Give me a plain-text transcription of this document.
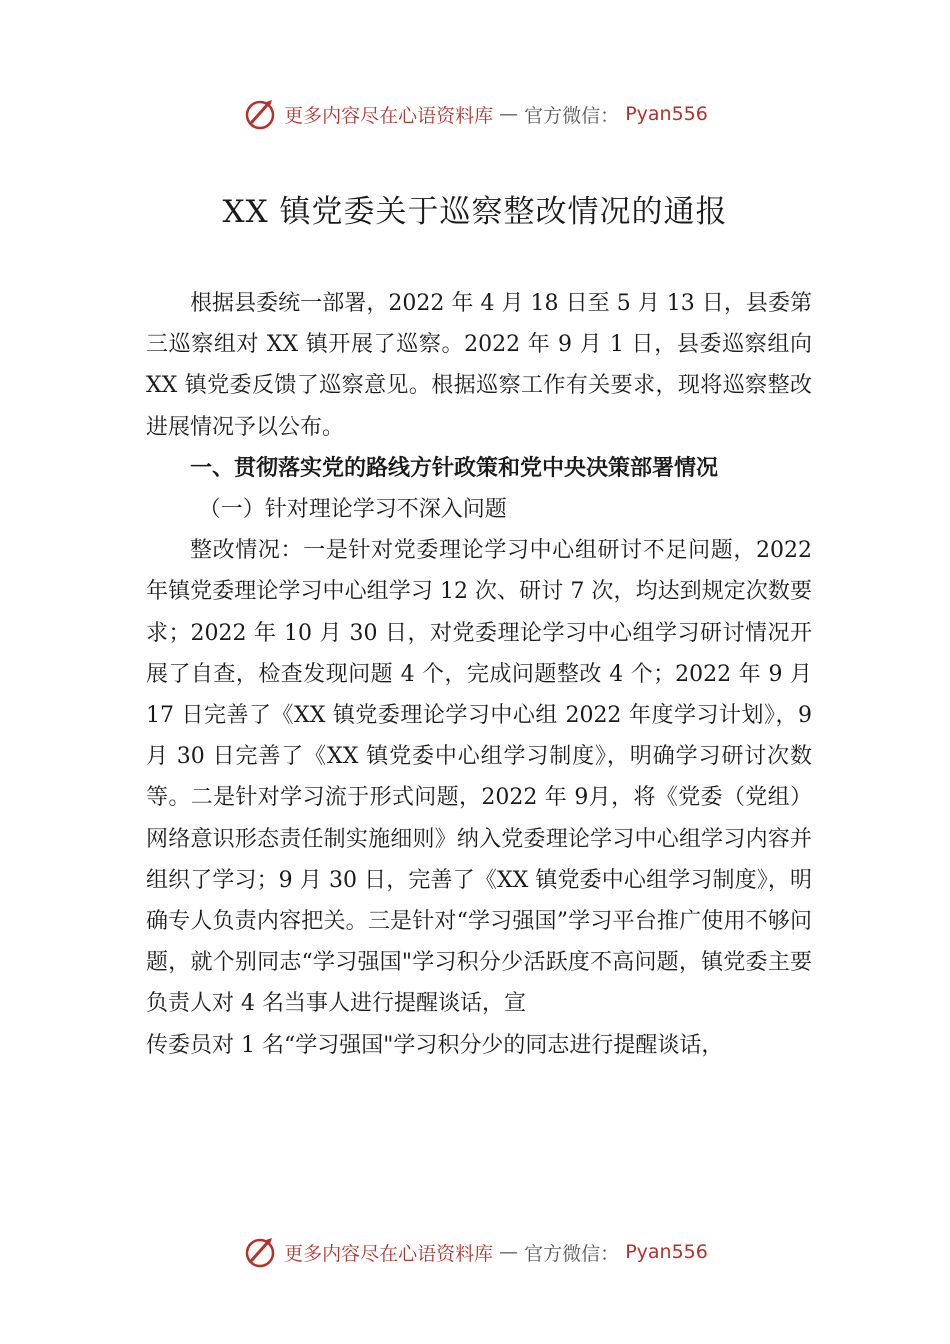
更多内容尽在心语资料库 — 官方微信： Pyan556
XX 镇党委关于巡察整改情况的通报

根据县委统一部署，2022 年 4 月 18 日至 5 月 13 日，县委第三巡察组对 XX 镇开展了巡察。2022 年 9 月 1 日，县委巡察组向 XX 镇党委反馈了巡察意见。根据巡察工作有关要求，现将巡察整改进展情况予以公布。

一、贯彻落实党的路线方针政策和党中央决策部署情况
（一）针对理论学习不深入问题

整改情况：一是针对党委理论学习中心组研讨不足问题，2022 年镇党委理论学习中心组学习 12 次、研讨 7 次，均达到规定次数要求；2022 年 10 月 30 日，对党委理论学习中心组学习研讨情况开展了自查，检查发现问题 4 个，完成问题整改 4 个；2022 年 9 月 17 日完善了《XX 镇党委理论学习中心组 2022 年度学习计划》，9 月 30 日完善了《XX 镇党委中心组学习制度》，明确学习研讨次数等。二是针对学习流于形式问题，2022 年 9月，将《党委（党组）网络意识形态责任制实施细则》纳入党委理论学习中心组学习内容并组织了学习；9 月 30 日，完善了《XX 镇党委中心组学习制度》，明确专人负责内容把关。三是针对“学习强国”学习平台推广使用不够问题，就个别同志“学习强国"学习积分少活跃度不高问题，镇党委主要负责人对 4 名当事人进行提醒谈话，宣

传委员对 1 名“学习强国"学习积分少的同志进行提醒谈话，

更多内容尽在心语资料库 — 官方微信： Pyan556
